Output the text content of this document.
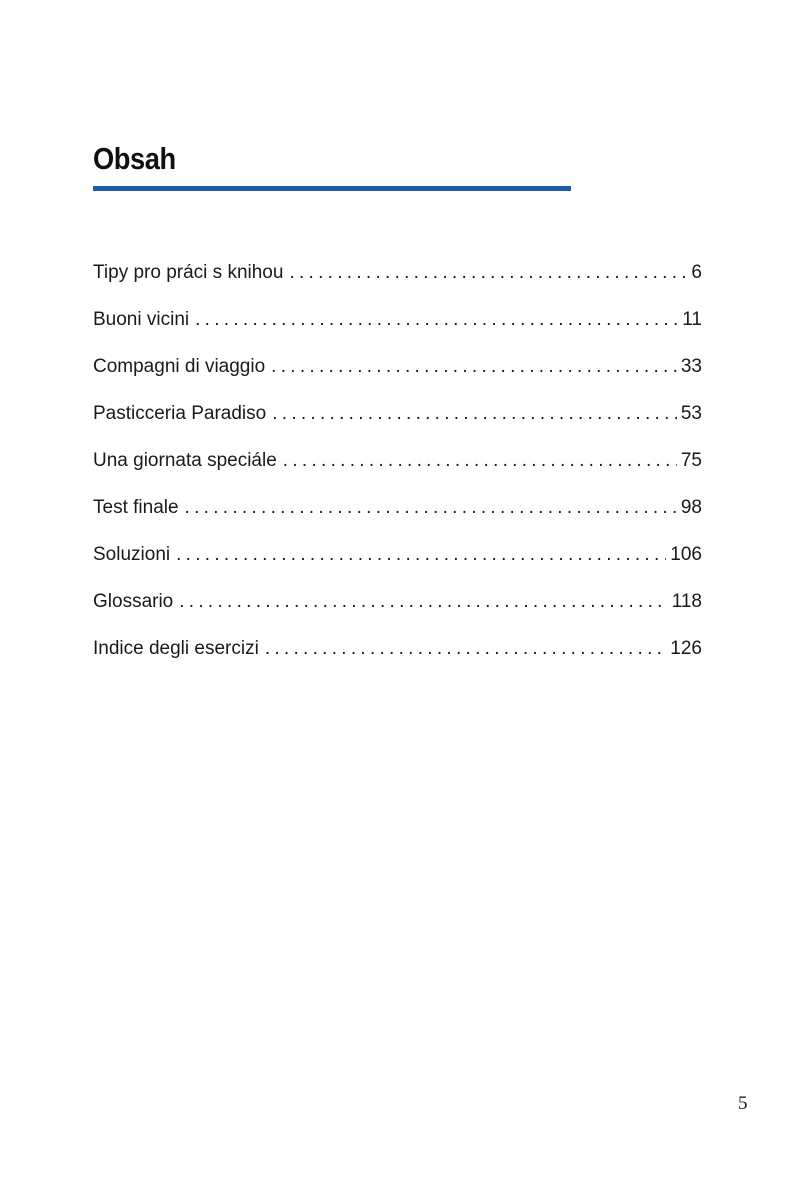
Obsah
Tipy pro práci s knihou . . .	6
Buoni vicini . . .	11
Compagni di viaggio . . .	33
Pasticceria Paradiso . . .	53
Una giornata speciále . . .	75
Test finale . . .	98
Soluzioni . . .	106
Glossario . . .	118
Indice degli esercizi . . .	126
5
